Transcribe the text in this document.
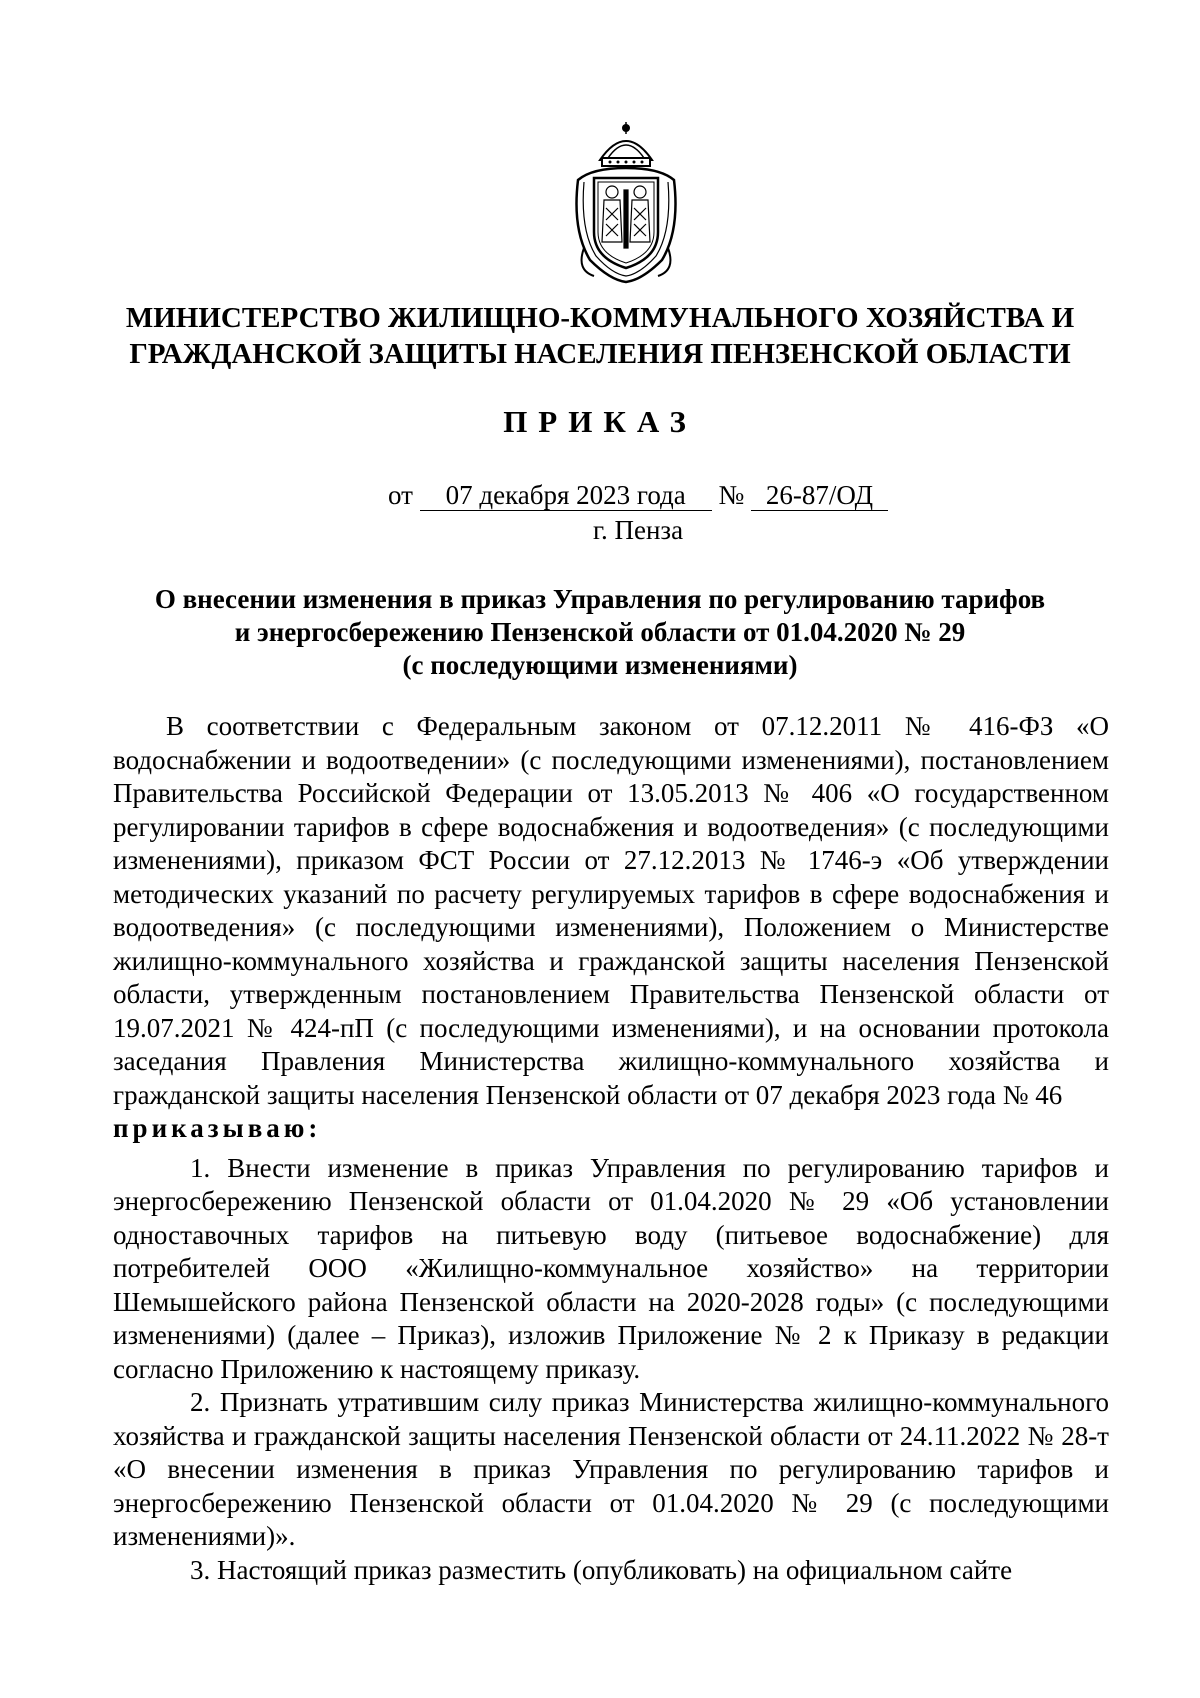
МИНИСТЕРСТВО ЖИЛИЩНО-КОММУНАЛЬНОГО ХОЗЯЙСТВА И
ГРАЖДАНСКОЙ ЗАЩИТЫ НАСЕЛЕНИЯ ПЕНЗЕНСКОЙ ОБЛАСТИ
ПРИКАЗ
от 07 декабря 2023 года № 26-87/ОД
г. Пенза
О внесении изменения в приказ Управления по регулированию тарифов
и энергосбережению Пензенской области от 01.04.2020 № 29
(с последующими изменениями)

В соответствии с Федеральным законом от 07.12.2011 № 416-ФЗ «О водоснабжении и водоотведении» (с последующими изменениями), постановлением Правительства Российской Федерации от 13.05.2013 № 406 «О государственном регулировании тарифов в сфере водоснабжения и водоотведения» (с последующими изменениями), приказом ФСТ России от 27.12.2013 № 1746-э «Об утверждении методических указаний по расчету регулируемых тарифов в сфере водоснабжения и водоотведения» (с последующими изменениями), Положением о Министерстве жилищно-коммунального хозяйства и гражданской защиты населения Пензенской области, утвержденным постановлением Правительства Пензенской области от 19.07.2021 № 424-пП (с последующими изменениями), и на основании протокола заседания Правления Министерства жилищно-коммунального хозяйства и гражданской защиты населения Пензенской области от 07 декабря 2023 года № 46

приказываю:

1. Внести изменение в приказ Управления по регулированию тарифов и энергосбережению Пензенской области от 01.04.2020 № 29 «Об установлении одноставочных тарифов на питьевую воду (питьевое водоснабжение) для потребителей ООО «Жилищно-коммунальное хозяйство» на территории Шемышейского района Пензенской области на 2020-2028 годы» (с последующими изменениями) (далее – Приказ), изложив Приложение № 2 к Приказу в редакции согласно Приложению к настоящему приказу.

2. Признать утратившим силу приказ Министерства жилищно-коммунального хозяйства и гражданской защиты населения Пензенской области от 24.11.2022 № 28-т «О внесении изменения в приказ Управления по регулированию тарифов и энергосбережению Пензенской области от 01.04.2020 № 29 (с последующими изменениями)».

3. Настоящий приказ разместить (опубликовать) на официальном сайте
